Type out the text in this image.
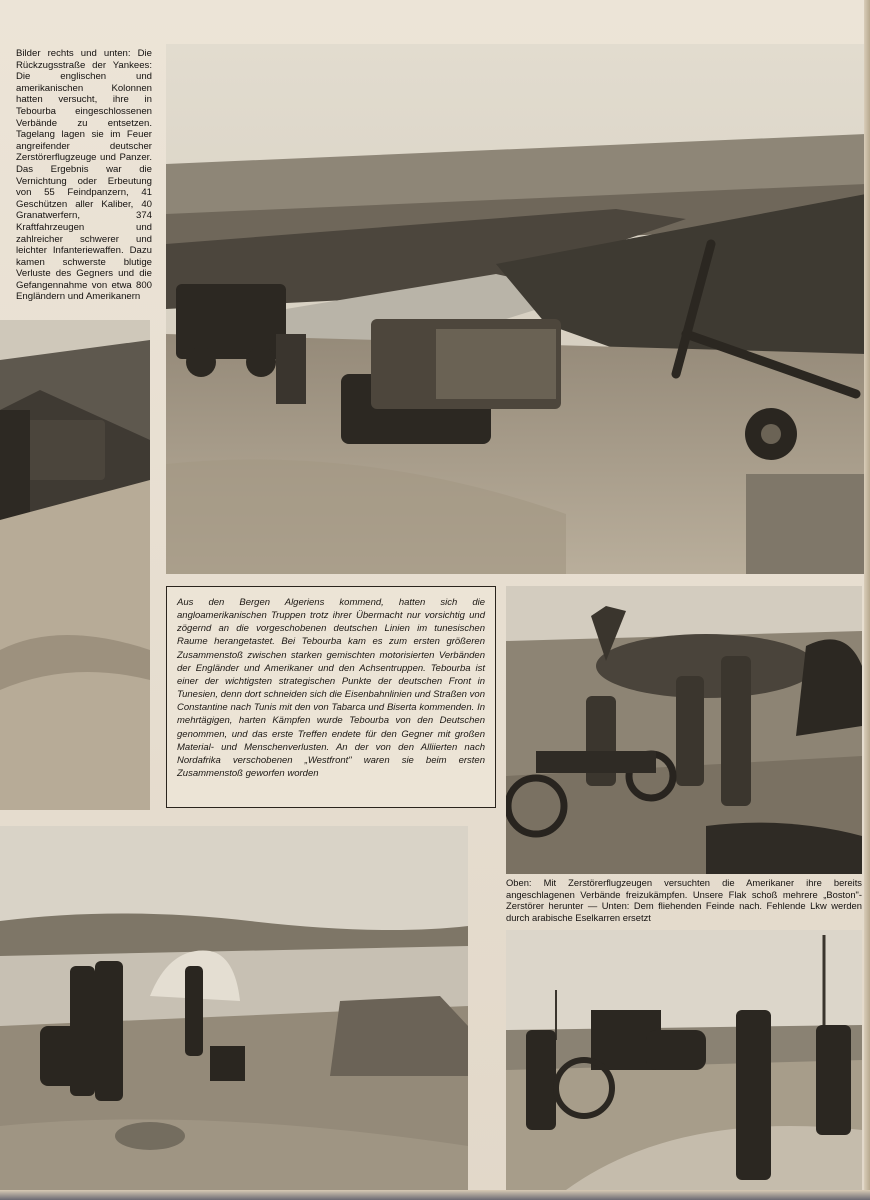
Bilder rechts und unten: Die Rückzugsstraße der Yankees: Die englischen und amerikanischen Kolonnen hatten versucht, ihre in Tebourba eingeschlossenen Verbände zu entsetzen. Tagelang lagen sie im Feuer angreifender deutscher Zerstörerflugzeuge und Panzer. Das Ergebnis war die Vernichtung oder Erbeutung von 55 Feindpanzern, 41 Geschützen aller Kaliber, 40 Granatwerfern, 374 Kraftfahrzeugen und zahlreicher schwerer und leichter Infanteriewaffen. Dazu kamen schwerste blutige Verluste des Gegners und die Gefangennahme von etwa 800 Engländern und Amerikanern

Aus den Bergen Algeriens kommend, hatten sich die angloamerikanischen Truppen trotz ihrer Übermacht nur vorsichtig und zögernd an die vorgeschobenen deutschen Linien im tunesischen Raume herangetastet. Bei Tebourba kam es zum ersten größeren Zusammenstoß zwischen starken gemischten motorisierten Verbänden der Engländer und Amerikaner und den Achsentruppen. Tebourba ist einer der wichtigsten strategischen Punkte der deutschen Front in Tunesien, denn dort schneiden sich die Eisenbahnlinien und Straßen von Constantine nach Tunis mit den von Tabarca und Biserta kommenden. In mehrtägigen, harten Kämpfen wurde Tebourba von den Deutschen genommen, und das erste Treffen endete für den Gegner mit großen Material- und Menschenverlusten. An der von den Alliierten nach Nordafrika verschobenen „Westfront" waren sie beim ersten Zusammenstoß geworfen worden

Oben: Mit Zerstörerflugzeugen versuchten die Amerikaner ihre bereits angeschlagenen Verbände freizukämpfen. Unsere Flak schoß mehrere „Boston"-Zerstörer herunter — Unten: Dem fliehenden Feinde nach. Fehlende Lkw werden durch arabische Eselkarren ersetzt
